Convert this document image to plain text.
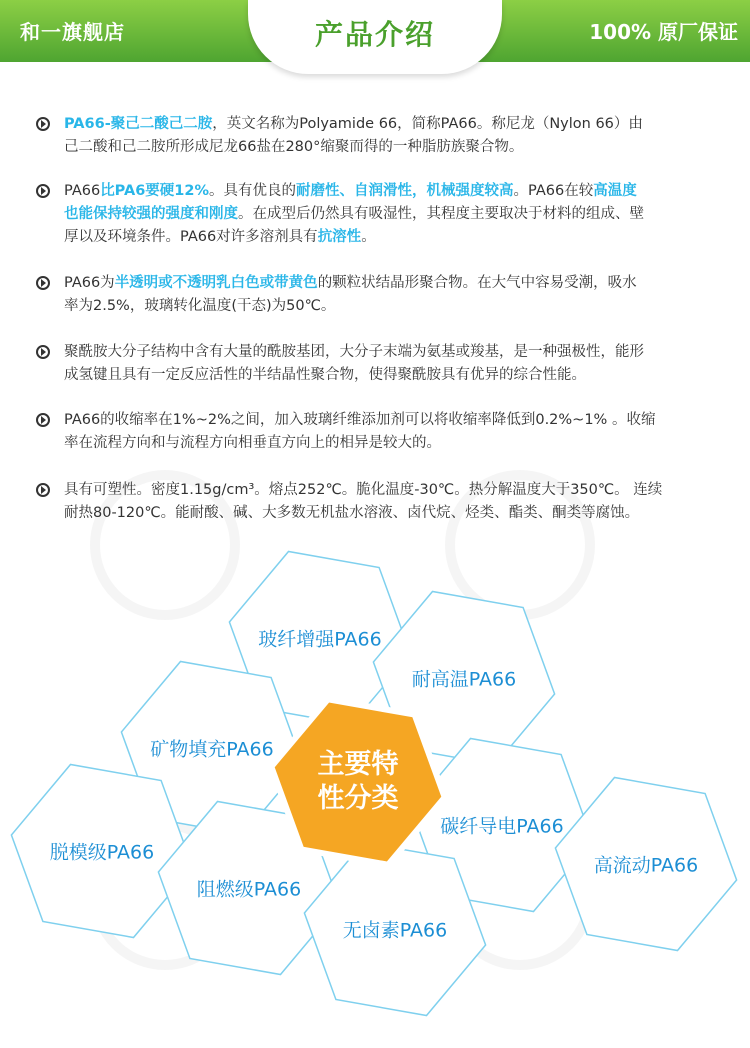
和一旗舰店	产品介绍	100% 原厂保证
PA66-聚己二酸己二胺，英文名称为Polyamide 66，简称PA66。称尼龙（Nylon 66）由
己二酸和己二胺所形成尼龙66盐在280°缩聚而得的一种脂肪族聚合物。
PA66比PA6要硬12%。具有优良的耐磨性、自润滑性，机械强度较高。PA66在较高温度
也能保持较强的强度和刚度。在成型后仍然具有吸湿性，其程度主要取决于材料的组成、壁
厚以及环境条件。PA66对许多溶剂具有抗溶性。
PA66为半透明或不透明乳白色或带黄色的颗粒状结晶形聚合物。在大气中容易受潮，吸水
率为2.5%，玻璃转化温度(干态)为50℃。
聚酰胺大分子结构中含有大量的酰胺基团，大分子末端为氨基或羧基，是一种强极性，能形
成氢键且具有一定反应活性的半结晶性聚合物，使得聚酰胺具有优异的综合性能。
PA66的收缩率在1%~2%之间，加入玻璃纤维添加剂可以将收缩率降低到0.2%~1% 。收缩
率在流程方向和与流程方向相垂直方向上的相异是较大的。
具有可塑性。密度1.15g/cm³。熔点252℃。脆化温度-30℃。热分解温度大于350℃。 连续
耐热80-120℃。能耐酸、碱、大多数无机盐水溶液、卤代烷、烃类、酯类、酮类等腐蚀。
玻纤增强PA66
耐高温PA66
矿物填充PA66
碳纤导电PA66
脱模级PA66
高流动PA66
阻燃级PA66
无卤素PA66
主要特
性分类
